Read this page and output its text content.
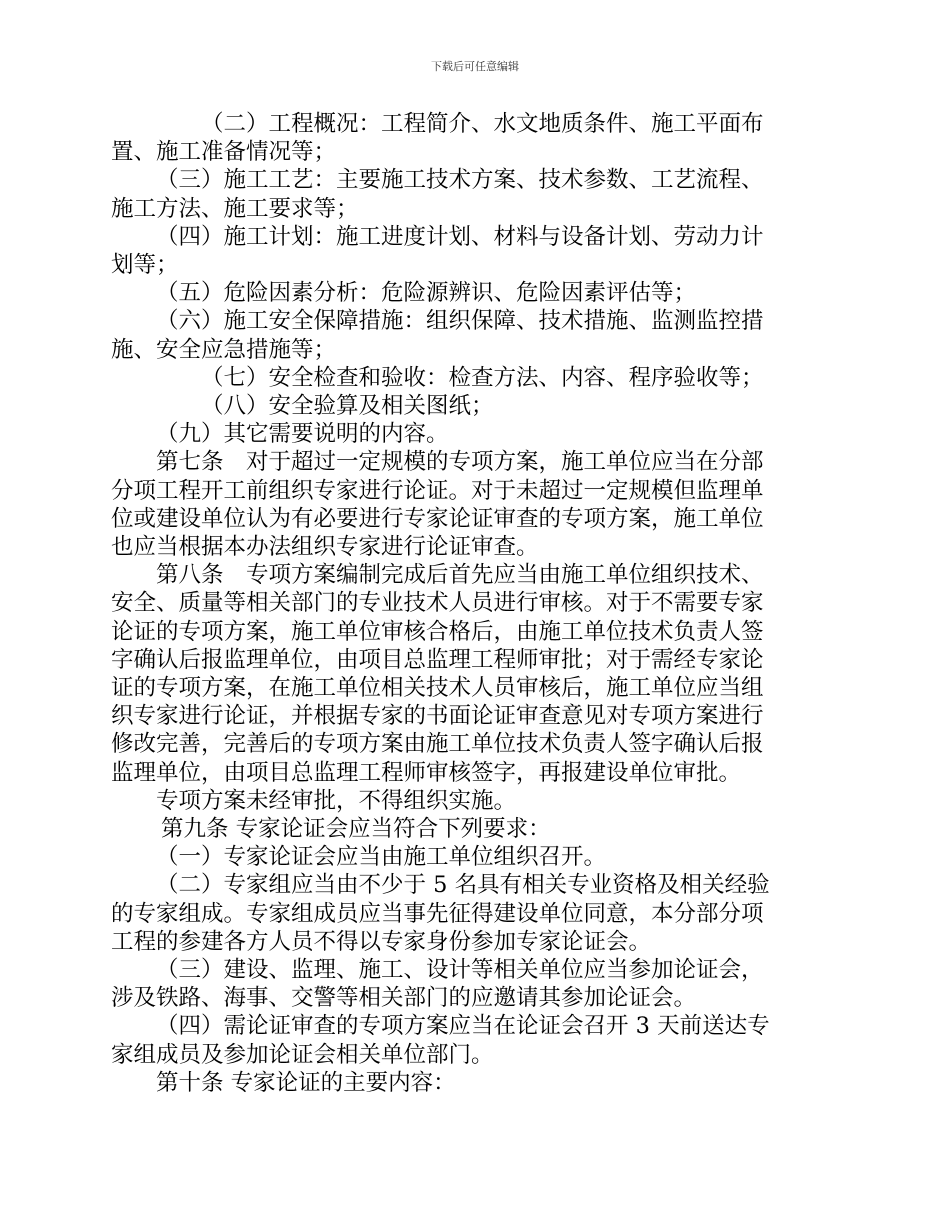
下载后可任意编辑
（二）工程概况：工程简介、水文地质条件、施工平面布
置、施工准备情况等；
（三）施工工艺：主要施工技术方案、技术参数、工艺流程、
施工方法、施工要求等；
（四）施工计划：施工进度计划、材料与设备计划、劳动力计
划等；
（五）危险因素分析：危险源辨识、危险因素评估等；
（六）施工安全保障措施：组织保障、技术措施、监测监控措
施、安全应急措施等；
（七）安全检查和验收：检查方法、内容、程序验收等；
（八）安全验算及相关图纸；
（九）其它需要说明的内容。
第七条　对于超过一定规模的专项方案，施工单位应当在分部
分项工程开工前组织专家进行论证。对于未超过一定规模但监理单
位或建设单位认为有必要进行专家论证审查的专项方案，施工单位
也应当根据本办法组织专家进行论证审查。
第八条　专项方案编制完成后首先应当由施工单位组织技术、
安全、质量等相关部门的专业技术人员进行审核。对于不需要专家
论证的专项方案，施工单位审核合格后，由施工单位技术负责人签
字确认后报监理单位，由项目总监理工程师审批；对于需经专家论
证的专项方案，在施工单位相关技术人员审核后，施工单位应当组
织专家进行论证，并根据专家的书面论证审查意见对专项方案进行
修改完善，完善后的专项方案由施工单位技术负责人签字确认后报
监理单位，由项目总监理工程师审核签字，再报建设单位审批。
专项方案未经审批，不得组织实施。
第九条 专家论证会应当符合下列要求：
（一）专家论证会应当由施工单位组织召开。
（二）专家组应当由不少于 5 名具有相关专业资格及相关经验
的专家组成。专家组成员应当事先征得建设单位同意，本分部分项
工程的参建各方人员不得以专家身份参加专家论证会。
（三）建设、监理、施工、设计等相关单位应当参加论证会，
涉及铁路、海事、交警等相关部门的应邀请其参加论证会。
（四）需论证审查的专项方案应当在论证会召开 3 天前送达专
家组成员及参加论证会相关单位部门。
第十条 专家论证的主要内容：
